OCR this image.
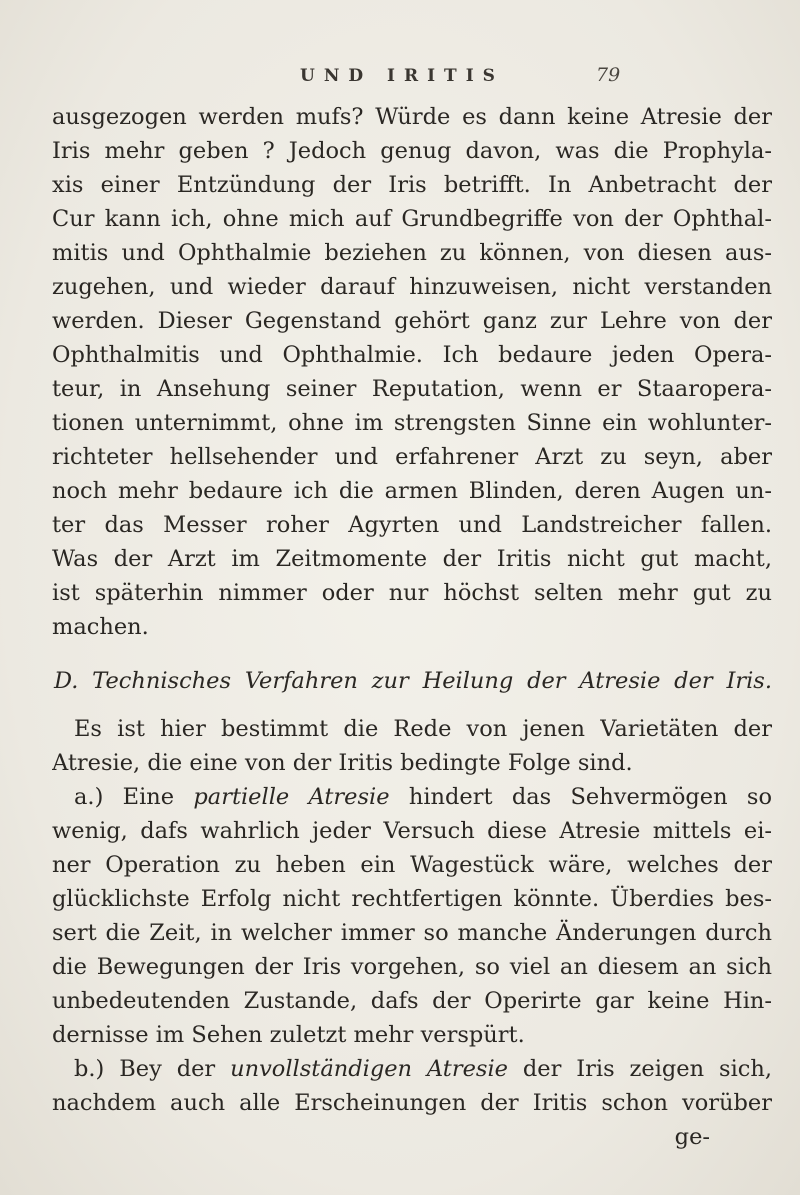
UND IRITIS	79
ausgezogen werden mufs? Würde es dann keine Atresie der
Iris mehr geben ? Jedoch genug davon, was die Prophyla-
xis einer Entzündung der Iris betrifft. In Anbetracht der
Cur kann ich, ohne mich auf Grundbegriffe von der Ophthal-
mitis und Ophthalmie beziehen zu können, von diesen aus-
zugehen, und wieder darauf hinzuweisen, nicht verstanden
werden. Dieser Gegenstand gehört ganz zur Lehre von der
Ophthalmitis und Ophthalmie. Ich bedaure jeden Opera-
teur, in Ansehung seiner Reputation, wenn er Staaropera-
tionen unternimmt, ohne im strengsten Sinne ein wohlunter-
richteter hellsehender und erfahrener Arzt zu seyn, aber
noch mehr bedaure ich die armen Blinden, deren Augen un-
ter das Messer roher Agyrten und Landstreicher fallen.
Was der Arzt im Zeitmomente der Iritis nicht gut macht,
ist späterhin nimmer oder nur höchst selten mehr gut zu
machen.
D. Technisches Verfahren zur Heilung der Atresie der Iris.
Es ist hier bestimmt die Rede von jenen Varietäten der
Atresie, die eine von der Iritis bedingte Folge sind.
a.) Eine partielle Atresie hindert das Sehvermögen so
wenig, dafs wahrlich jeder Versuch diese Atresie mittels ei-
ner Operation zu heben ein Wagestück wäre, welches der
glücklichste Erfolg nicht rechtfertigen könnte. Überdies bes-
sert die Zeit, in welcher immer so manche Änderungen durch
die Bewegungen der Iris vorgehen, so viel an diesem an sich
unbedeutenden Zustande, dafs der Operirte gar keine Hin-
dernisse im Sehen zuletzt mehr verspürt.
b.) Bey der unvollständigen Atresie der Iris zeigen sich,
nachdem auch alle Erscheinungen der Iritis schon vorüber
ge-
